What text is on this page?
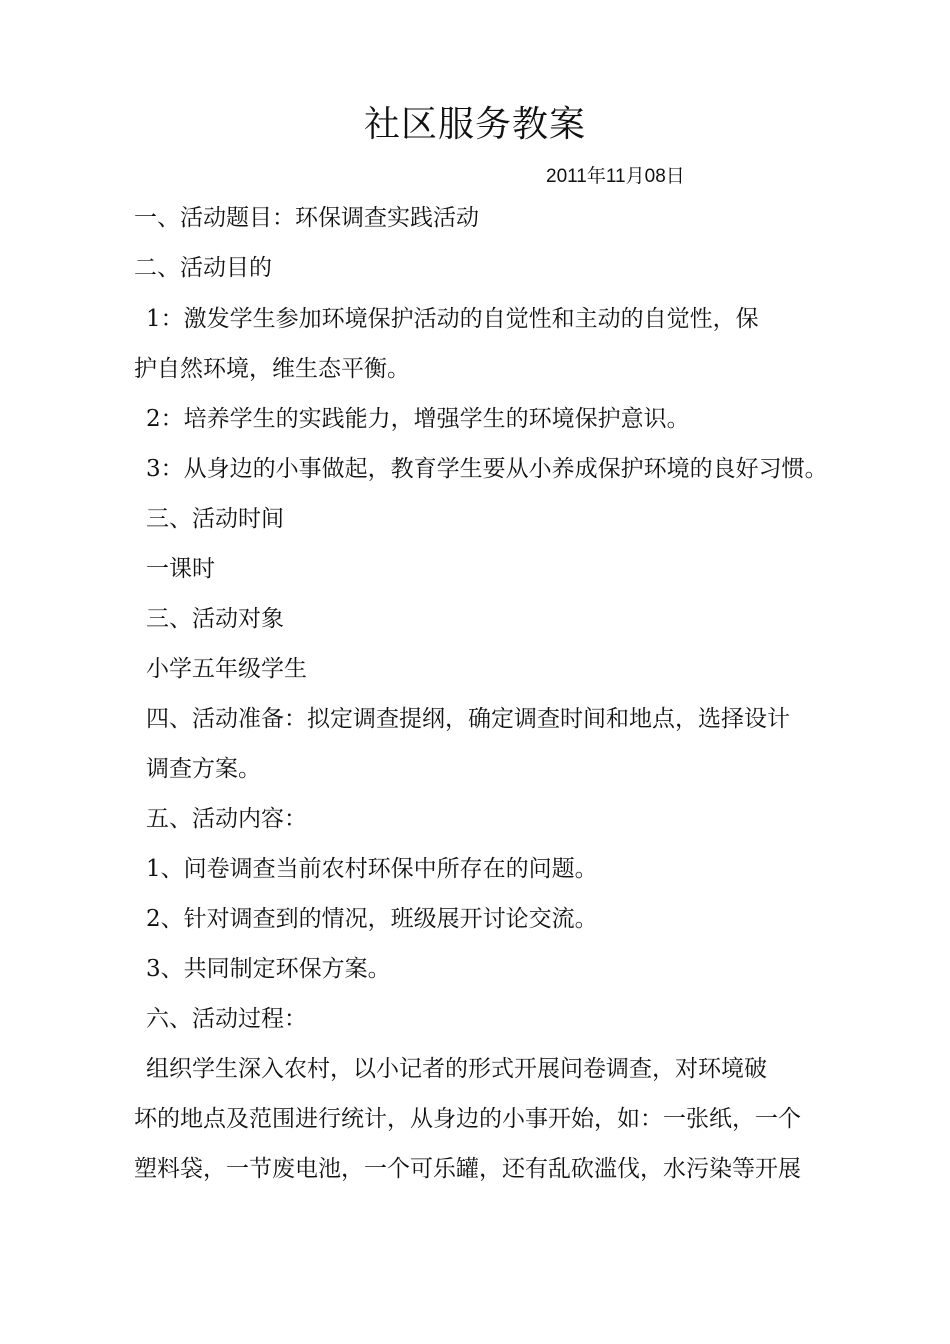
社区服务教案
2011年11月08日
一、活动题目：环保调查实践活动
二、活动目的
1：激发学生参加环境保护活动的自觉性和主动的自觉性，保
护自然环境，维生态平衡。
2：培养学生的实践能力，增强学生的环境保护意识。
3：从身边的小事做起，教育学生要从小养成保护环境的良好习惯。
三、活动时间
一课时
三、活动对象
小学五年级学生
四、活动准备：拟定调查提纲，确定调查时间和地点，选择设计
调查方案。
五、活动内容：
1、问卷调查当前农村环保中所存在的问题。
2、针对调查到的情况，班级展开讨论交流。
3、共同制定环保方案。
六、活动过程：
组织学生深入农村，以小记者的形式开展问卷调查，对环境破
坏的地点及范围进行统计，从身边的小事开始，如：一张纸，一个
塑料袋，一节废电池，一个可乐罐，还有乱砍滥伐，水污染等开展
